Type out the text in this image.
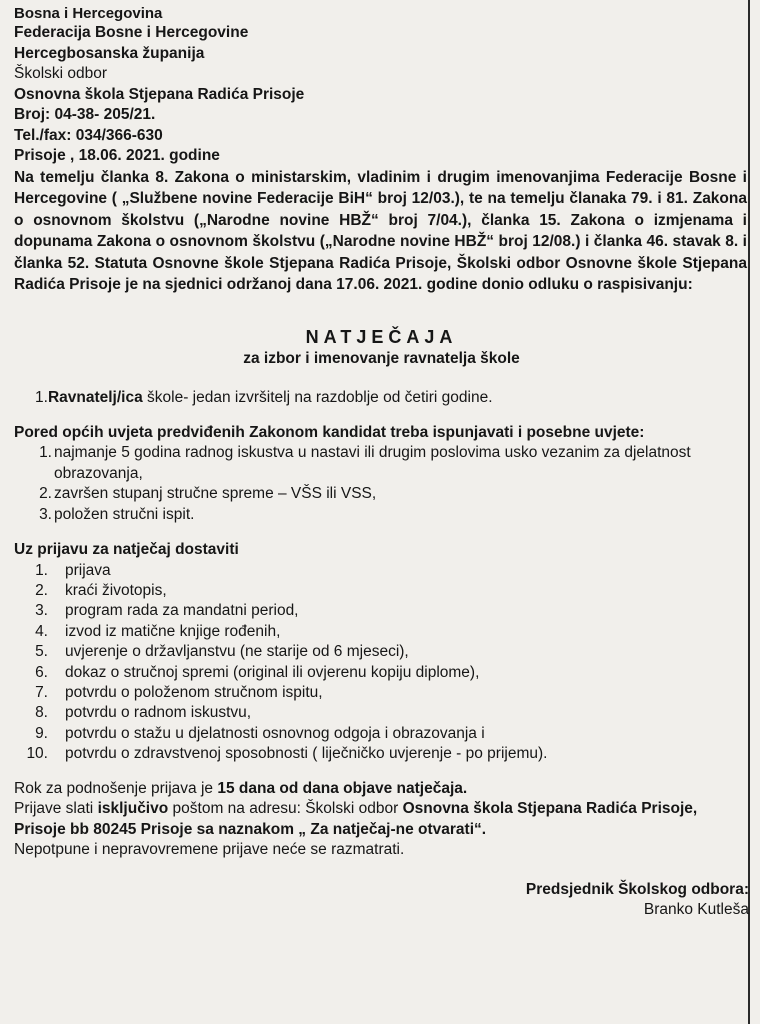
Bosna i Hercegovina

Federacija Bosne i Hercegovine

Hercegbosanska županija

Školski odbor

Osnovna škola Stjepana Radića Prisoje

Broj: 04-38- 205/21.

Tel./fax: 034/366-630

Prisoje , 18.06. 2021. godine

Na temelju članka 8. Zakona o ministarskim, vladinim i drugim imenovanjima Federacije Bosne i Hercegovine ( „Službene novine Federacije BiH“ broj 12/03.), te na temelju članaka 79. i 81. Zakona o osnovnom školstvu („Narodne novine HBŽ“ broj 7/04.), članka 15. Zakona o izmjenama i dopunama Zakona o osnovnom školstvu („Narodne novine HBŽ“ broj 12/08.) i članka 46. stavak 8. i članka 52. Statuta Osnovne škole Stjepana Radića Prisoje, Školski odbor Osnovne škole Stjepana Radića Prisoje je na sjednici održanoj dana 17.06. 2021. godine donio odluku o raspisivanju:

NATJEČAJA
za izbor i imenovanje ravnatelja škole
1.Ravnatelj/ica škole- jedan izvršitelj na razdoblje od četiri godine.
Pored općih uvjeta predviđenih Zakonom kandidat treba ispunjavati i posebne uvjete:
1. najmanje 5 godina radnog iskustva u nastavi ili drugim poslovima usko vezanim za djelatnost obrazovanja,
2. završen stupanj stručne spreme – VŠS ili VSS,
3. položen stručni ispit.
Uz prijavu za natječaj dostaviti
1.	prijava
2.	kraći životopis,
3.	program rada za mandatni period,
4.	izvod iz matične knjige rođenih,
5.	uvjerenje o državljanstvu (ne starije od 6 mjeseci),
6.	dokaz o stručnoj spremi (original ili ovjerenu kopiju diplome),
7.	potvrdu o položenom stručnom ispitu,
8.	potvrdu o radnom iskustvu,
9.	potvrdu o stažu u djelatnosti osnovnog odgoja i obrazovanja i
10.	potvrdu o zdravstvenoj sposobnosti ( liječničko uvjerenje - po prijemu).

Rok za podnošenje prijava je 15 dana od dana objave natječaja.

Prijave slati isključivo poštom na adresu: Školski odbor Osnovna škola Stjepana Radića Prisoje, Prisoje bb 80245 Prisoje sa naznakom „ Za natječaj-ne otvarati“.

Nepotpune i nepravovremene prijave neće se razmatrati.

Predsjednik Školskog odbora:
Branko Kutleša
